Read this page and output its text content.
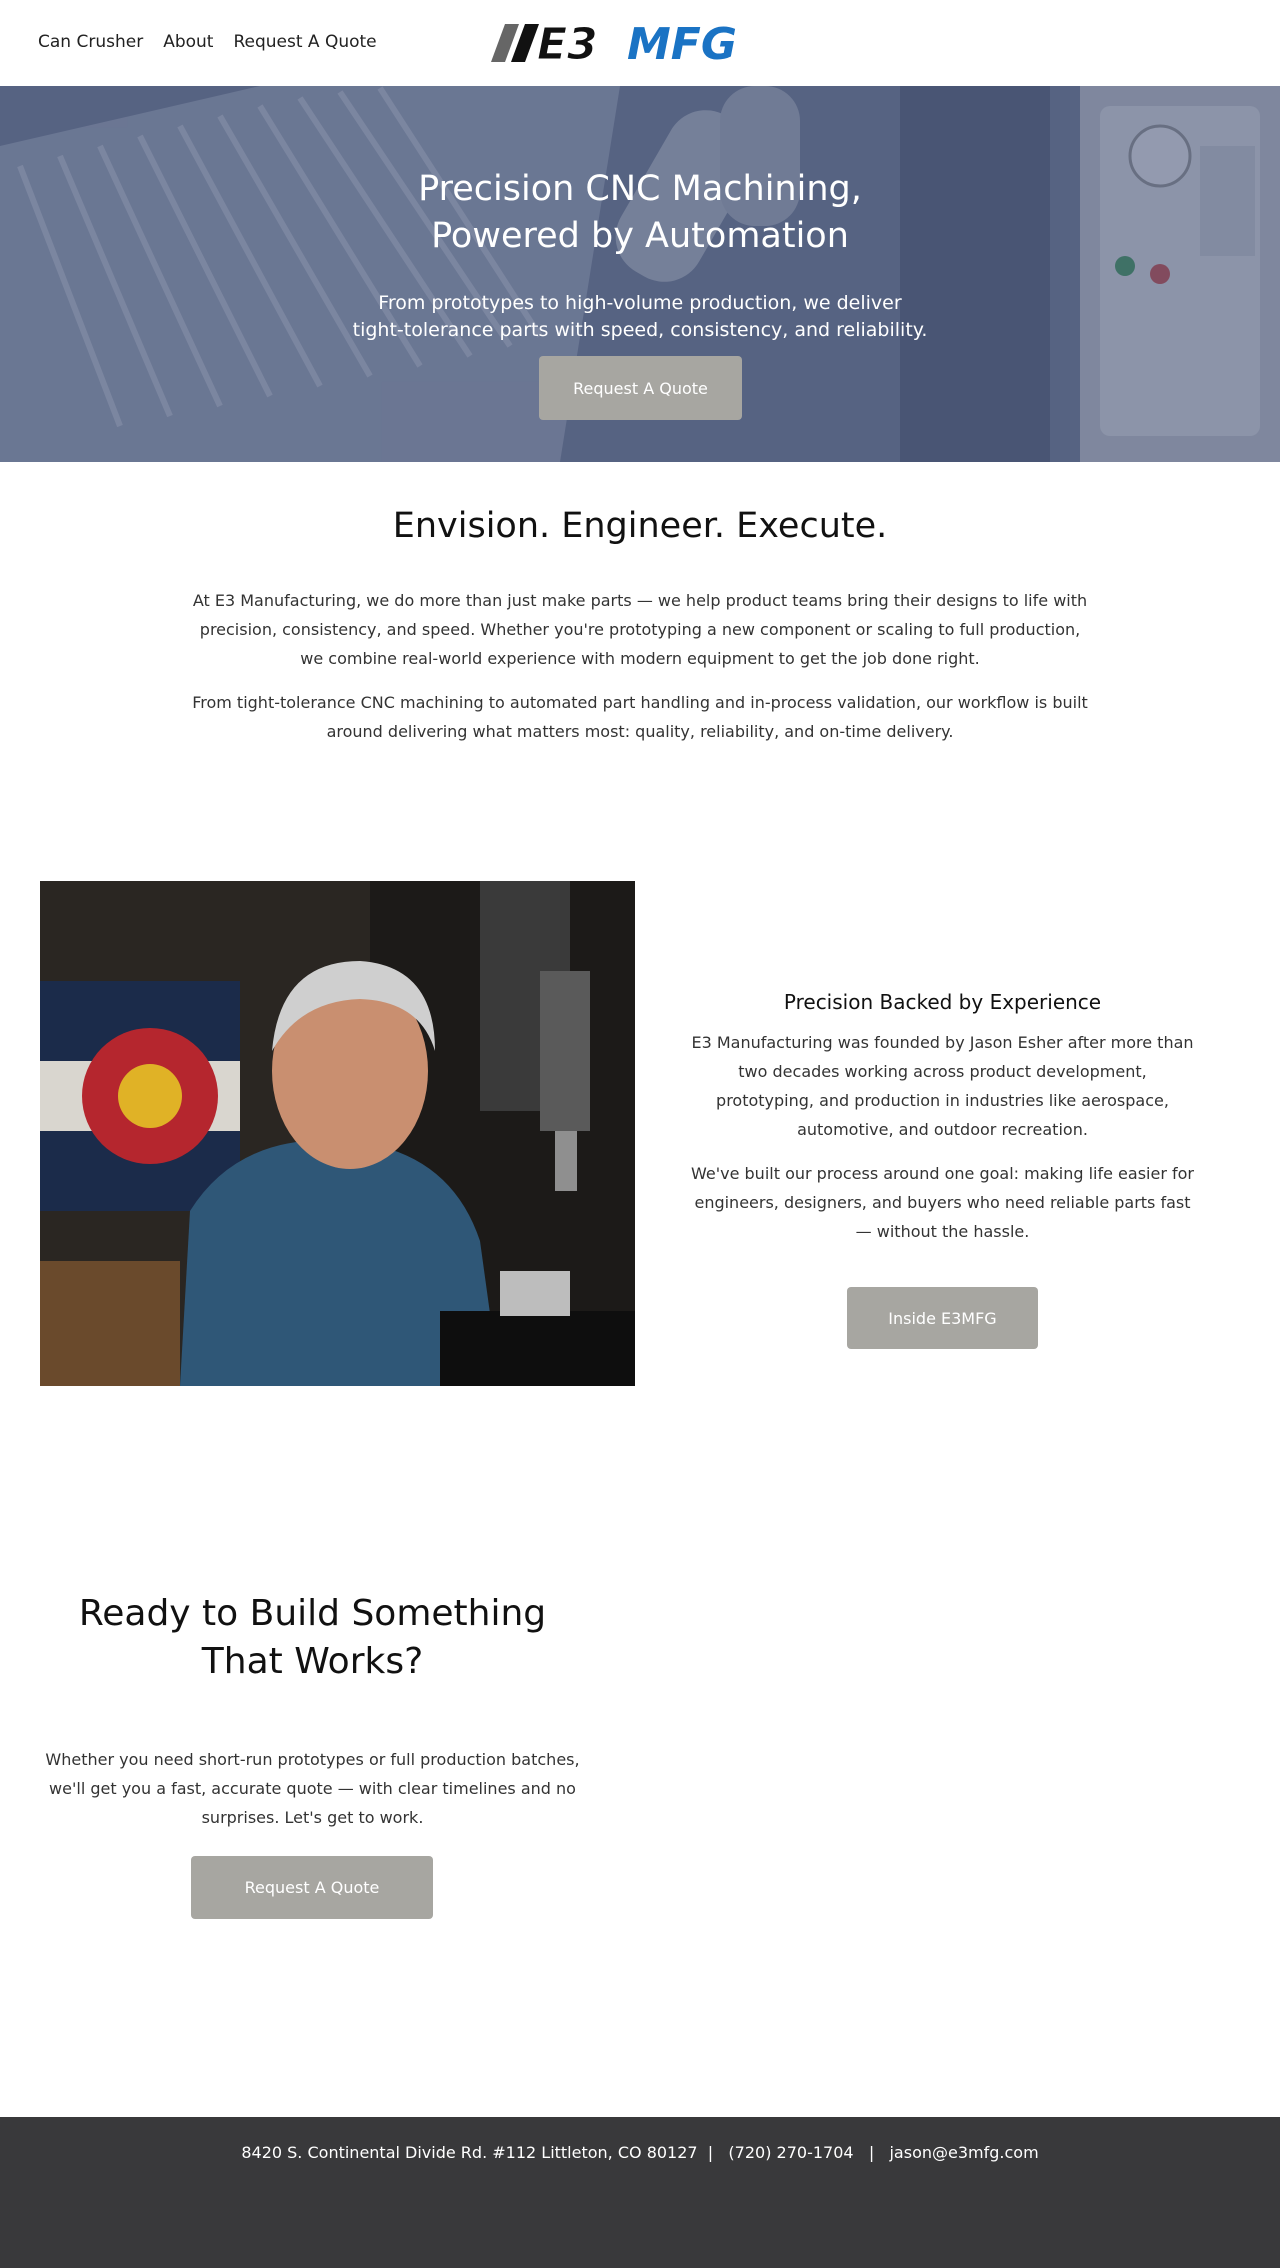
Can Crusher About Request A Quote	E3 MFG
Precision CNC Machining,
Powered by Automation

From prototypes to high-volume production, we deliver
tight-tolerance parts with speed, consistency, and reliability.

Request A Quote
Envision. Engineer. Execute.

At E3 Manufacturing, we do more than just make parts — we help product teams bring their designs to life with precision, consistency, and speed. Whether you're prototyping a new component or scaling to full production, we combine real-world experience with modern equipment to get the job done right.

From tight-tolerance CNC machining to automated part handling and in-process validation, our workflow is built around delivering what matters most: quality, reliability, and on-time delivery.

Precision Backed by Experience

E3 Manufacturing was founded by Jason Esher after more than two decades working across product development, prototyping, and production in industries like aerospace, automotive, and outdoor recreation.

We've built our process around one goal: making life easier for engineers, designers, and buyers who need reliable parts fast — without the hassle.

Inside E3MFG
Ready to Build Something
That Works?

Whether you need short-run prototypes or full production batches, we'll get you a fast, accurate quote — with clear timelines and no surprises. Let's get to work.

Request A Quote
8420 S. Continental Divide Rd. #112 Littleton, CO 80127 | (720) 270-1704 | jason@e3mfg.com
